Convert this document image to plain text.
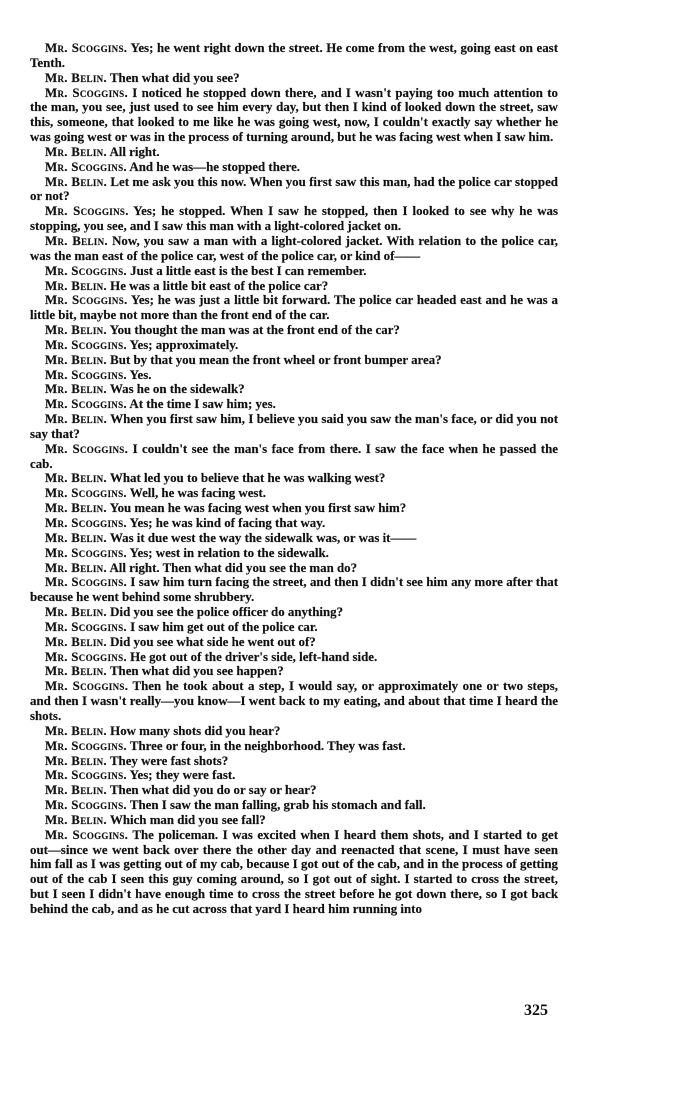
Mr. Scoggins. Yes; he went right down the street. He come from the west, going east on east Tenth.

Mr. Belin. Then what did you see?

Mr. Scoggins. I noticed he stopped down there, and I wasn't paying too much attention to the man, you see, just used to see him every day, but then I kind of looked down the street, saw this, someone, that looked to me like he was going west, now, I couldn't exactly say whether he was going west or was in the process of turning around, but he was facing west when I saw him.

Mr. Belin. All right.

Mr. Scoggins. And he was—he stopped there.

Mr. Belin. Let me ask you this now. When you first saw this man, had the police car stopped or not?

Mr. Scoggins. Yes; he stopped. When I saw he stopped, then I looked to see why he was stopping, you see, and I saw this man with a light-colored jacket on.

Mr. Belin. Now, you saw a man with a light-colored jacket. With relation to the police car, was the man east of the police car, west of the police car, or kind of——

Mr. Scoggins. Just a little east is the best I can remember.

Mr. Belin. He was a little bit east of the police car?

Mr. Scoggins. Yes; he was just a little bit forward. The police car headed east and he was a little bit, maybe not more than the front end of the car.

Mr. Belin. You thought the man was at the front end of the car?

Mr. Scoggins. Yes; approximately.

Mr. Belin. But by that you mean the front wheel or front bumper area?

Mr. Scoggins. Yes.

Mr. Belin. Was he on the sidewalk?

Mr. Scoggins. At the time I saw him; yes.

Mr. Belin. When you first saw him, I believe you said you saw the man's face, or did you not say that?

Mr. Scoggins. I couldn't see the man's face from there. I saw the face when he passed the cab.

Mr. Belin. What led you to believe that he was walking west?

Mr. Scoggins. Well, he was facing west.

Mr. Belin. You mean he was facing west when you first saw him?

Mr. Scoggins. Yes; he was kind of facing that way.

Mr. Belin. Was it due west the way the sidewalk was, or was it——

Mr. Scoggins. Yes; west in relation to the sidewalk.

Mr. Belin. All right. Then what did you see the man do?

Mr. Scoggins. I saw him turn facing the street, and then I didn't see him any more after that because he went behind some shrubbery.

Mr. Belin. Did you see the police officer do anything?

Mr. Scoggins. I saw him get out of the police car.

Mr. Belin. Did you see what side he went out of?

Mr. Scoggins. He got out of the driver's side, left-hand side.

Mr. Belin. Then what did you see happen?

Mr. Scoggins. Then he took about a step, I would say, or approximately one or two steps, and then I wasn't really—you know—I went back to my eating, and about that time I heard the shots.

Mr. Belin. How many shots did you hear?

Mr. Scoggins. Three or four, in the neighborhood. They was fast.

Mr. Belin. They were fast shots?

Mr. Scoggins. Yes; they were fast.

Mr. Belin. Then what did you do or say or hear?

Mr. Scoggins. Then I saw the man falling, grab his stomach and fall.

Mr. Belin. Which man did you see fall?

Mr. Scoggins. The policeman. I was excited when I heard them shots, and I started to get out—since we went back over there the other day and reenacted that scene, I must have seen him fall as I was getting out of my cab, because I got out of the cab, and in the process of getting out of the cab I seen this guy coming around, so I got out of sight. I started to cross the street, but I seen I didn't have enough time to cross the street before he got down there, so I got back behind the cab, and as he cut across that yard I heard him running into

325
